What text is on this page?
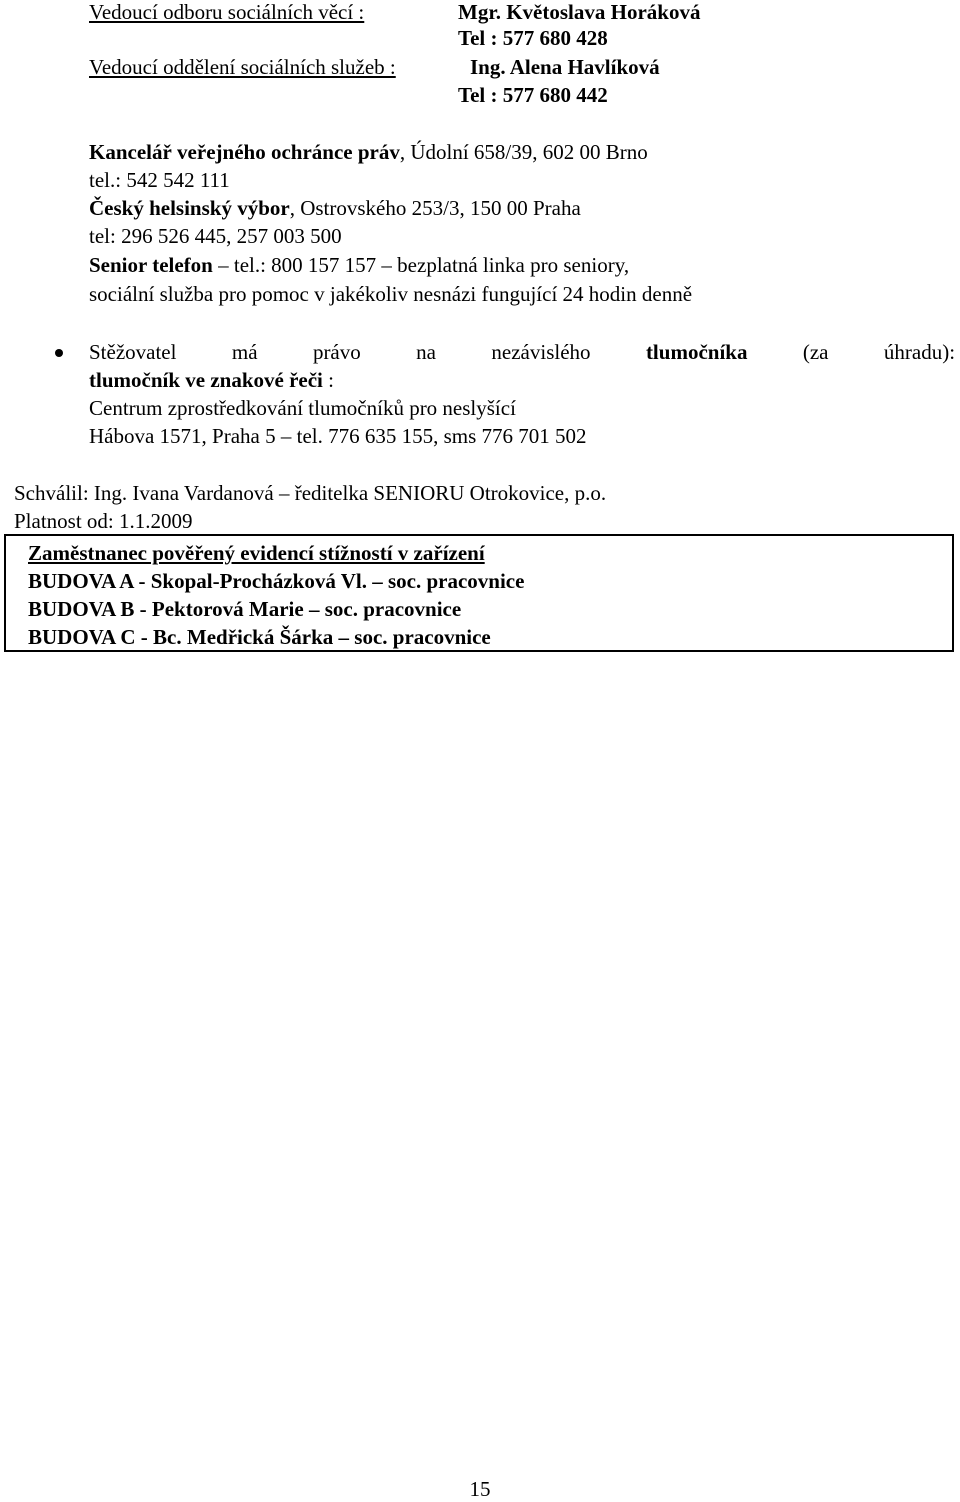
Vedoucí odboru sociálních věcí :	Mgr. Květoslava Horáková
Tel : 577 680 428
Vedoucí oddělení sociálních služeb :	Ing. Alena Havlíková
Tel : 577 680 442
Kancelář veřejného ochránce práv, Údolní 658/39, 602 00 Brno
tel.: 542 542 111
Český helsinský výbor, Ostrovského 253/3, 150 00 Praha
tel: 296 526 445, 257 003 500
Senior telefon – tel.: 800 157 157 – bezplatná linka pro seniory,
sociální služba pro pomoc v jakékoliv nesnázi fungující 24 hodin denně
Stěžovatel	má	právo	na	nezávislého	tlumočníka	(za	úhradu):
tlumočník ve znakové řeči :
Centrum zprostředkování tlumočníků pro neslyšící
Hábova 1571, Praha 5 – tel. 776 635 155, sms 776 701 502
Schválil: Ing. Ivana Vardanová – ředitelka SENIORU Otrokovice, p.o.
Platnost od: 1.1.2009
Zaměstnanec pověřený evidencí stížností v zařízení
BUDOVA A - Skopal-Procházková Vl. – soc. pracovnice
BUDOVA B - Pektorová Marie – soc. pracovnice
BUDOVA C - Bc. Medřická Šárka – soc. pracovnice
15
